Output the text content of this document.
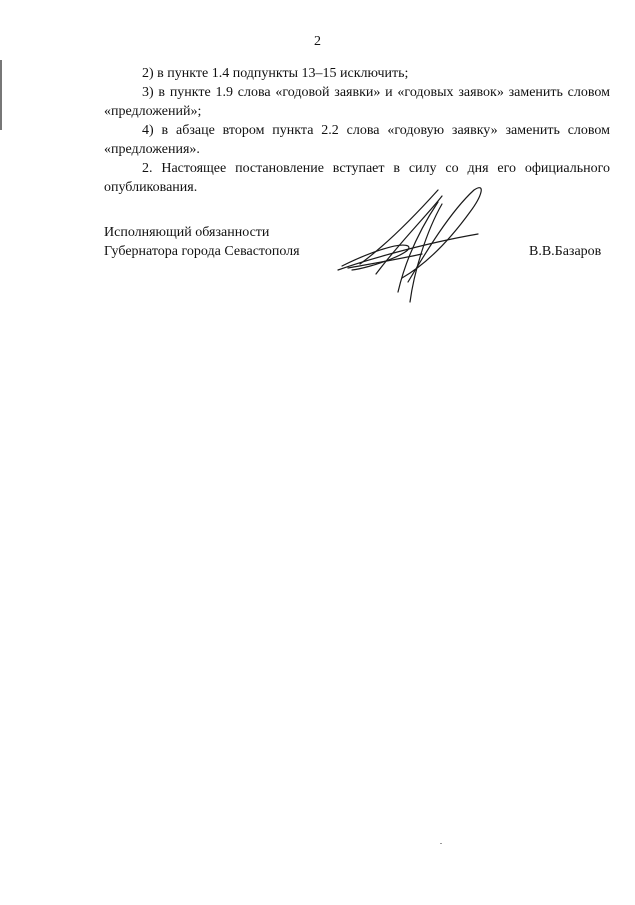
2

2) в пункте 1.4 подпункты 13–15 исключить;

3) в пункте 1.9 слова «годовой заявки» и «годовых заявок» заменить словом «предложений»;

4) в абзаце втором пункта 2.2 слова «годовую заявку» заменить словом «предложения».

2. Настоящее постановление вступает в силу со дня его официального опубликования.

Исполняющий обязанности
Губернатора города Севастополя	В.В.Базаров
